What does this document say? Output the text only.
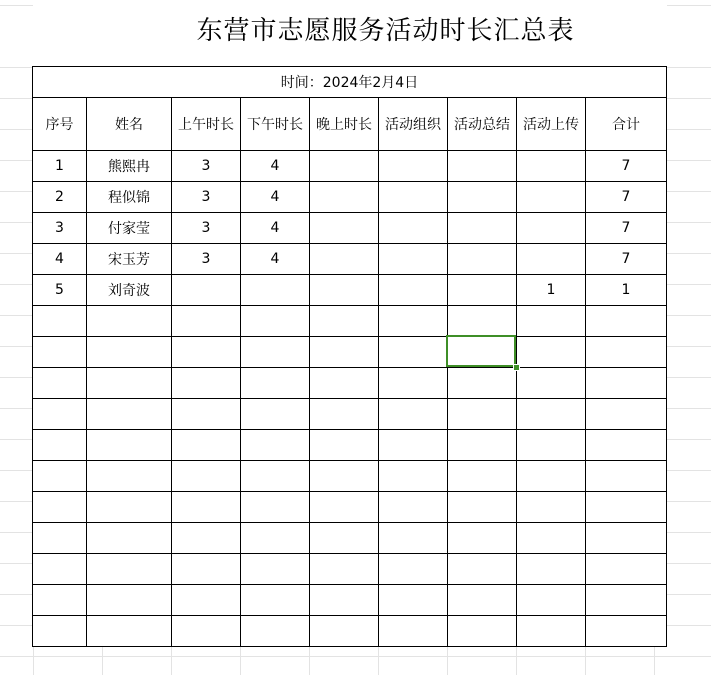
东营市志愿服务活动时长汇总表
时间：2024年2月4日								
序号	姓名	上午时长	下午时长	晚上时长	活动组织	活动总结	活动上传	合计
1	熊熙冉	3	4					7
2	程似锦	3	4					7
3	付家莹	3	4					7
4	宋玉芳	3	4					7
5	刘奇波						1	1
